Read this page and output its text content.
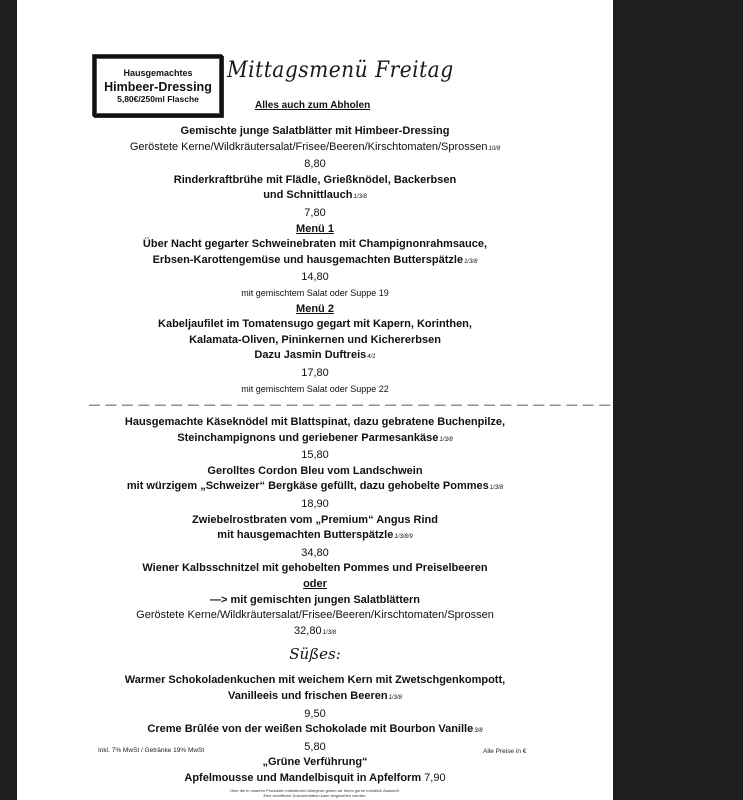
Hausgemachtes
Himbeer-Dressing
5,80€/250ml Flasche
Mittagsmenü Freitag
Alles auch zum Abholen
Gemischte junge Salatblätter mit Himbeer-Dressing
Geröstete Kerne/Wildkräutersalat/Frisee/Beeren/Kirschtomaten/Sprossen10/8
8,80
Rinderkraftbrühe mit Flädle, Grießknödel, Backerbsen
und Schnittlauch1/3/8
7,80
Menü 1
Über Nacht gegarter Schweinebraten mit Champignonrahmsauce,
Erbsen-Karottengemüse und hausgemachten Butterspätzle1/3/8
14,80
mit gemischtem Salat oder Suppe 19
Menü 2
Kabeljaufilet im Tomatensugo gegart mit Kapern, Korinthen,
Kalamata-Oliven, Pininkernen und Kichererbsen
Dazu Jasmin Duftreis4/1
17,80
mit gemischtem Salat oder Suppe 22
— — — — — — — — — — — — — — — — — — — — — — — — — — — — — — — — — — — — — — — —
Hausgemachte Käseknödel mit Blattspinat, dazu gebratene Buchenpilze,
Steinchampignons und geriebener Parmesankäse1/3/8
15,80
Gerolltes Cordon Bleu vom Landschwein
mit würzigem „Schweizer“ Bergkäse gefüllt, dazu gehobelte Pommes1/3/8
18,90
Zwiebelrostbraten vom „Premium“ Angus Rind
mit hausgemachten Butterspätzle1/3/8/9
34,80
Wiener Kalbsschnitzel mit gehobelten Pommes und Preiselbeeren
oder
—> mit gemischten jungen Salatblättern
Geröstete Kerne/Wildkräutersalat/Frisee/Beeren/Kirschtomaten/Sprossen
32,801/3/8
Süßes:
Warmer Schokoladenkuchen mit weichem Kern mit Zwetschgenkompott,
Vanilleeis und frischen Beeren1/3/8
9,50
Creme Brûlée von der weißen Schokolade mit Bourbon Vanille3/8
5,80
„Grüne Verführung“
Apfelmousse und Mandelbisquit in Apfelform 7,90
Über die in unseren Produkten enthaltenen Allergene geben wir Ihnen gerne mündlich Auskunft.
Eine schriftliche Dokumentation kann eingesehen werden.
Inkl. 7% MwSt / Getränke 19% MwSt	Alle Preise in €
